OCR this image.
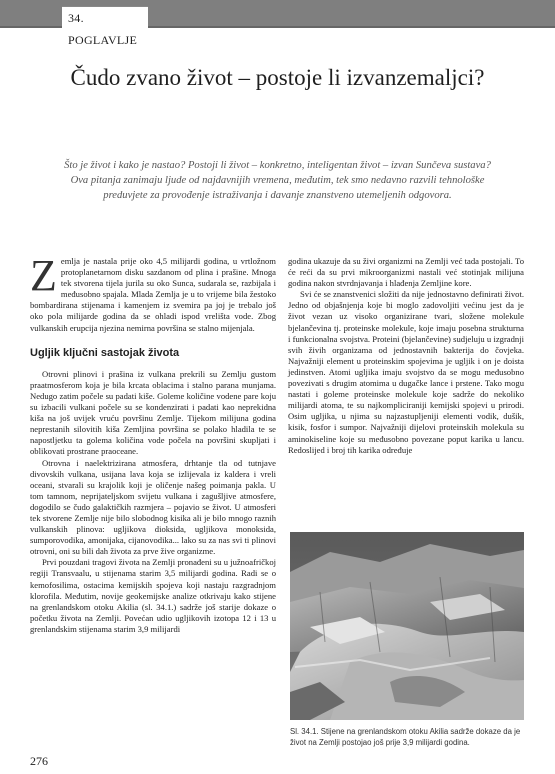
34. POGLAVLJE
Čudo zvano život – postoje li izvanzemaljci?

Što je život i kako je nastao? Postoji li život – konkretno, inteligentan život – izvan Sunčeva sustava? Ova pitanja zanimaju ljude od najdavnijih vremena, međutim, tek smo nedavno razvili tehnološke preduvjete za provođenje istraživanja i davanje znanstveno utemeljenih odgovora.

Zemlja je nastala prije oko 4,5 milijardi godina, u vrtložnom protoplanetarnom disku sazdanom od plina i prašine. Mnoga tek stvorena tijela jurila su oko Sunca, sudarala se, razbijala i međusobno spajala. Mlada Zemlja je u to vrijeme bila žestoko bombardirana stijenama i kamenjem iz svemira pa joj je trebalo još oko pola milijarde godina da se ohladi ispod vrelišta vode. Zbog vulkanskih erupcija njezina nemirna površina se stalno mijenjala.

Ugljik ključni sastojak života

Otrovni plinovi i prašina iz vulkana prekrili su Zemlju gustom praatmosferom koja je bila krcata oblacima i stalno parana munjama. Nedugo zatim počele su padati kiše. Goleme količine vodene pare koju su izbacili vulkani počele su se kondenzirati i padati kao neprekidna kiša na još uvijek vruću površinu Zemlje. Tijekom milijuna godina neprestanih silovitih kiša Zemljina površina se polako hladila te se napostljetku ta golema količina vode počela na površini skupljati i oblikovati prostrane praoceane.

Otrovna i naelektrizirana atmosfera, drhtanje tla od tutnjave divovskih vulkana, usijana lava koja se izlijevala iz kaldera i vreli oceani, stvarali su krajolik koji je oličenje našeg poimanja pakla. U tom tamnom, neprijateljskom svijetu vulkana i zagušljive atmosfere, dogodilo se čudo galaktičkih razmjera – pojavio se život. U atmosferi tek stvorene Zemlje nije bilo slobodnog kisika ali je bilo mnogo raznih vulkanskih plinova: ugljikova dioksida, ugljikova monoksida, sumporovodika, amonijaka, cijanovodika... lako su za nas svi ti plinovi otrovni, oni su bili dah života za prve žive organizme.

Prvi pouzdani tragovi života na Zemlji pronađeni su u južnoafričkoj regiji Transvaalu, u stijenama starim 3,5 milijardi godina. Radi se o kemofosilima, ostacima kemijskih spojeva koji nastaju razgradnjom klorofila. Međutim, novije geokemijske analize otkrivaju kako stijene na grenlandskom otoku Akilia (sl. 34.1.) sadrže još starije dokaze o početku života na Zemlji. Povećan udio ugljikovih izotopa 12 i 13 u grenlandskim stijenama starim 3,9 milijardi

godina ukazuje da su živi organizmi na Zemlji već tada postojali. To će reći da su prvi mikroorganizmi nastali već stotinjak milijuna godina nakon stvrdnjavanja i hlađenja Zemljine kore.

Svi će se znanstvenici složiti da nije jednostavno definirati život. Jedno od objašnjenja koje bi moglo zadovoljiti većinu jest da je život vezan uz visoko organizirane tvari, složene molekule bjelančevina tj. proteinske molekule, koje imaju posebna strukturna i funkcionalna svojstva. Proteini (bjelančevine) sudjeluju u izgradnji svih živih organizama od jednostavnih bakterija do čovjeka. Najvažniji element u proteinskim spojevima je ugljik i on je doista jedinstven. Atomi ugljika imaju svojstvo da se mogu međusobno povezivati s drugim atomima u dugačke lance i prstene. Tako mogu nastati i goleme proteinske molekule koje sadrže do nekoliko milijardi atoma, te su najkompliciraniji kemijski spojevi u prirodi. Osim ugljika, u njima su najzastupljeniji elementi vodik, dušik, kisik, fosfor i sumpor. Najvažniji dijelovi proteinskih molekula su aminokiseline koje su međusobno povezane poput karika u lancu. Redoslijed i broj tih karika određuje

Sl. 34.1. Stijene na grenlandskom otoku Akilia sadrže dokaze da je život na Zemlji postojao još prije 3,9 milijardi godina.
276
